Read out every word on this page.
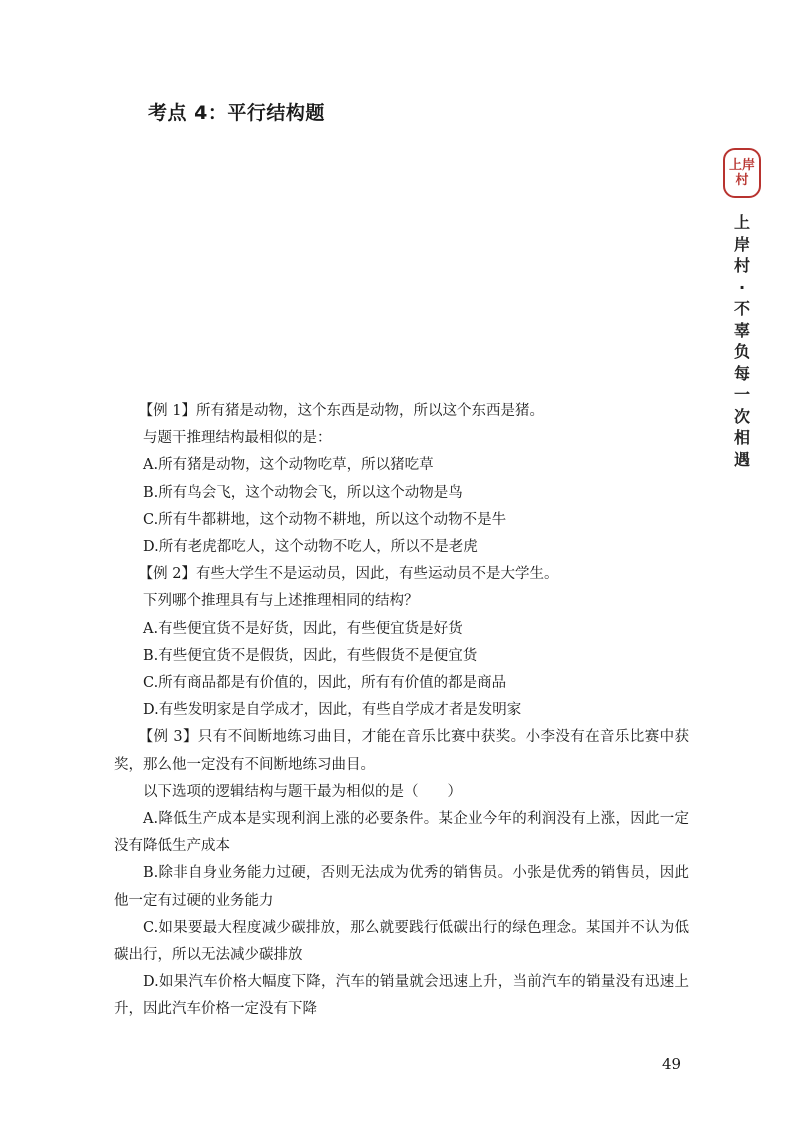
考点 4：平行结构题
上岸
村
上岸村·不辜负每一次相遇

【例 1】所有猪是动物，这个东西是动物，所以这个东西是猪。

与题干推理结构最相似的是：

A.所有猪是动物，这个动物吃草，所以猪吃草

B.所有鸟会飞，这个动物会飞，所以这个动物是鸟

C.所有牛都耕地，这个动物不耕地，所以这个动物不是牛

D.所有老虎都吃人，这个动物不吃人，所以不是老虎

【例 2】有些大学生不是运动员，因此，有些运动员不是大学生。

下列哪个推理具有与上述推理相同的结构？

A.有些便宜货不是好货，因此，有些便宜货是好货

B.有些便宜货不是假货，因此，有些假货不是便宜货

C.所有商品都是有价值的，因此，所有有价值的都是商品

D.有些发明家是自学成才，因此，有些自学成才者是发明家

【例 3】只有不间断地练习曲目，才能在音乐比赛中获奖。小李没有在音乐比赛中获奖，那么他一定没有不间断地练习曲目。

以下选项的逻辑结构与题干最为相似的是（　　）

A.降低生产成本是实现利润上涨的必要条件。某企业今年的利润没有上涨，因此一定没有降低生产成本

B.除非自身业务能力过硬，否则无法成为优秀的销售员。小张是优秀的销售员，因此他一定有过硬的业务能力

C.如果要最大程度减少碳排放，那么就要践行低碳出行的绿色理念。某国并不认为低碳出行，所以无法减少碳排放

D.如果汽车价格大幅度下降，汽车的销量就会迅速上升，当前汽车的销量没有迅速上升，因此汽车价格一定没有下降

49
